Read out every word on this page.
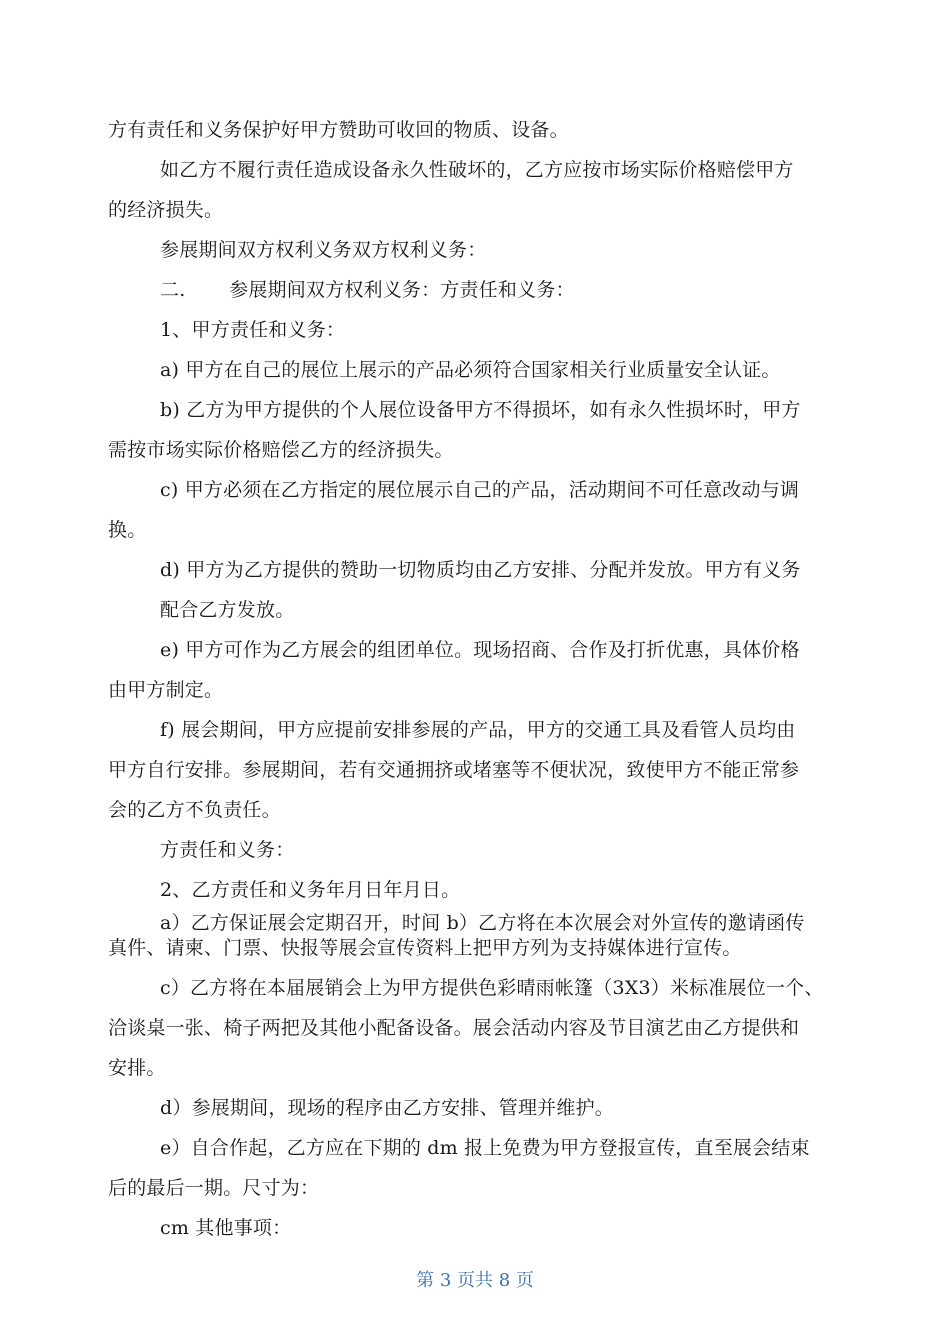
方有责任和义务保护好甲方赞助可收回的物质、设备。
如乙方不履行责任造成设备永久性破坏的，乙方应按市场实际价格赔偿甲方
的经济损失。
参展期间双方权利义务双方权利义务：
二.       参展期间双方权利义务：方责任和义务：
1、甲方责任和义务：
a) 甲方在自己的展位上展示的产品必须符合国家相关行业质量安全认证。
b) 乙方为甲方提供的个人展位设备甲方不得损坏，如有永久性损坏时，甲方
需按市场实际价格赔偿乙方的经济损失。
c) 甲方必须在乙方指定的展位展示自己的产品，活动期间不可任意改动与调
换。
d) 甲方为乙方提供的赞助一切物质均由乙方安排、分配并发放。甲方有义务
配合乙方发放。
e) 甲方可作为乙方展会的组团单位。现场招商、合作及打折优惠，具体价格
由甲方制定。
f) 展会期间，甲方应提前安排参展的产品，甲方的交通工具及看管人员均由
甲方自行安排。参展期间，若有交通拥挤或堵塞等不便状况，致使甲方不能正常参
会的乙方不负责任。
方责任和义务：
2、乙方责任和义务年月日年月日。
a）乙方保证展会定期召开，时间 b）乙方将在本次展会对外宣传的邀请函传
真件、请柬、门票、快报等展会宣传资料上把甲方列为支持媒体进行宣传。
c）乙方将在本届展销会上为甲方提供色彩晴雨帐篷（3X3）米标准展位一个、
洽谈桌一张、椅子两把及其他小配备设备。展会活动内容及节目演艺由乙方提供和
安排。
d）参展期间，现场的程序由乙方安排、管理并维护。
e）自合作起，乙方应在下期的 dm 报上免费为甲方登报宣传，直至展会结束
后的最后一期。尺寸为：
cm 其他事项：
第 3 页共 8 页
